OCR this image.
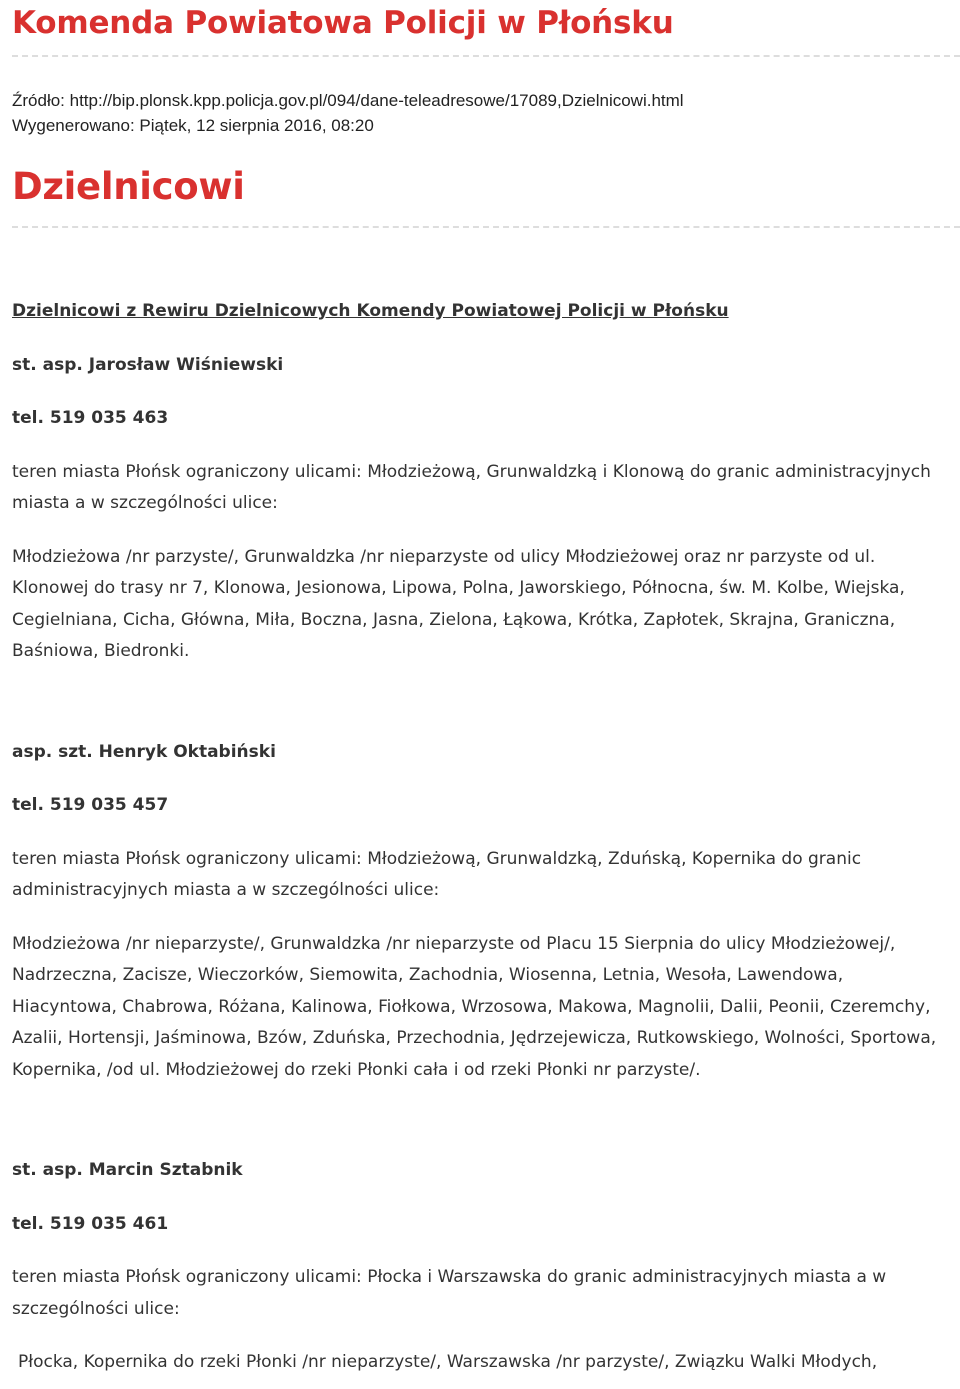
Komenda Powiatowa Policji w Płońsku
Źródło: http://bip.plonsk.kpp.policja.gov.pl/094/dane-teleadresowe/17089,Dzielnicowi.html
Wygenerowano: Piątek, 12 sierpnia 2016, 08:20
Dzielnicowi

Dzielnicowi z Rewiru Dzielnicowych Komendy Powiatowej Policji w Płońsku

st. asp. Jarosław Wiśniewski

tel. 519 035 463

teren miasta Płońsk ograniczony ulicami: Młodzieżową, Grunwaldzką i Klonową do granic administracyjnych miasta a w szczególności ulice:

Młodzieżowa /nr parzyste/, Grunwaldzka /nr nieparzyste od ulicy Młodzieżowej oraz nr parzyste od ul. Klonowej do trasy nr 7, Klonowa, Jesionowa, Lipowa, Polna, Jaworskiego, Północna, św. M. Kolbe, Wiejska, Cegielniana, Cicha, Główna, Miła, Boczna, Jasna, Zielona, Łąkowa, Krótka, Zapłotek, Skrajna, Graniczna, Baśniowa, Biedronki.

asp. szt. Henryk Oktabiński

tel. 519 035 457

teren miasta Płońsk ograniczony ulicami: Młodzieżową, Grunwaldzką, Zduńską, Kopernika do granic administracyjnych miasta a w szczególności ulice:

Młodzieżowa /nr nieparzyste/, Grunwaldzka /nr nieparzyste od Placu 15 Sierpnia do ulicy Młodzieżowej/, Nadrzeczna, Zacisze, Wieczorków, Siemowita, Zachodnia, Wiosenna, Letnia, Wesoła, Lawendowa, Hiacyntowa, Chabrowa, Różana, Kalinowa, Fiołkowa, Wrzosowa, Makowa, Magnolii, Dalii, Peonii, Czeremchy, Azalii, Hortensji, Jaśminowa, Bzów, Zduńska, Przechodnia, Jędrzejewicza, Rutkowskiego, Wolności, Sportowa, Kopernika, /od ul. Młodzieżowej do rzeki Płonki cała i od rzeki Płonki nr parzyste/.

st. asp. Marcin Sztabnik

tel. 519 035 461

teren miasta Płońsk ograniczony ulicami: Płocka i Warszawska do granic administracyjnych miasta a w szczególności ulice:

Płocka, Kopernika do rzeki Płonki /nr nieparzyste/, Warszawska /nr parzyste/, Związku Walki Młodych,
